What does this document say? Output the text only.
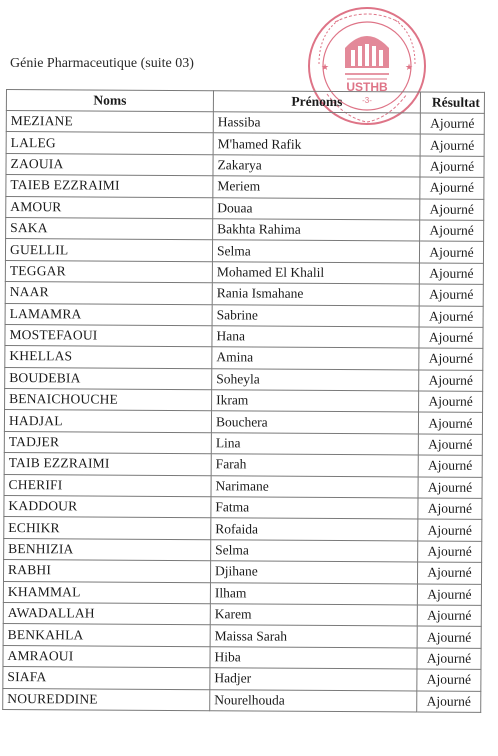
Génie Pharmaceutique (suite 03)	★	★
USTHB
-3-
Noms	Prénoms	Résultat
MEZIANE	Hassiba	Ajourné
LALEG	M'hamed Rafik	Ajourné
ZAOUIA	Zakarya	Ajourné
TAIEB EZZRAIMI	Meriem	Ajourné
AMOUR	Douaa	Ajourné
SAKA	Bakhta Rahima	Ajourné
GUELLIL	Selma	Ajourné
TEGGAR	Mohamed El Khalil	Ajourné
NAAR	Rania Ismahane	Ajourné
LAMAMRA	Sabrine	Ajourné
MOSTEFAOUI	Hana	Ajourné
KHELLAS	Amina	Ajourné
BOUDEBIA	Soheyla	Ajourné
BENAICHOUCHE	Ikram	Ajourné
HADJAL	Bouchera	Ajourné
TADJER	Lina	Ajourné
TAIB EZZRAIMI	Farah	Ajourné
CHERIFI	Narimane	Ajourné
KADDOUR	Fatma	Ajourné
ECHIKR	Rofaida	Ajourné
BENHIZIA	Selma	Ajourné
RABHI	Djihane	Ajourné
KHAMMAL	Ilham	Ajourné
AWADALLAH	Karem	Ajourné
BENKAHLA	Maissa Sarah	Ajourné
AMRAOUI	Hiba	Ajourné
SIAFA	Hadjer	Ajourné
NOUREDDINE	Nourelhouda	Ajourné
